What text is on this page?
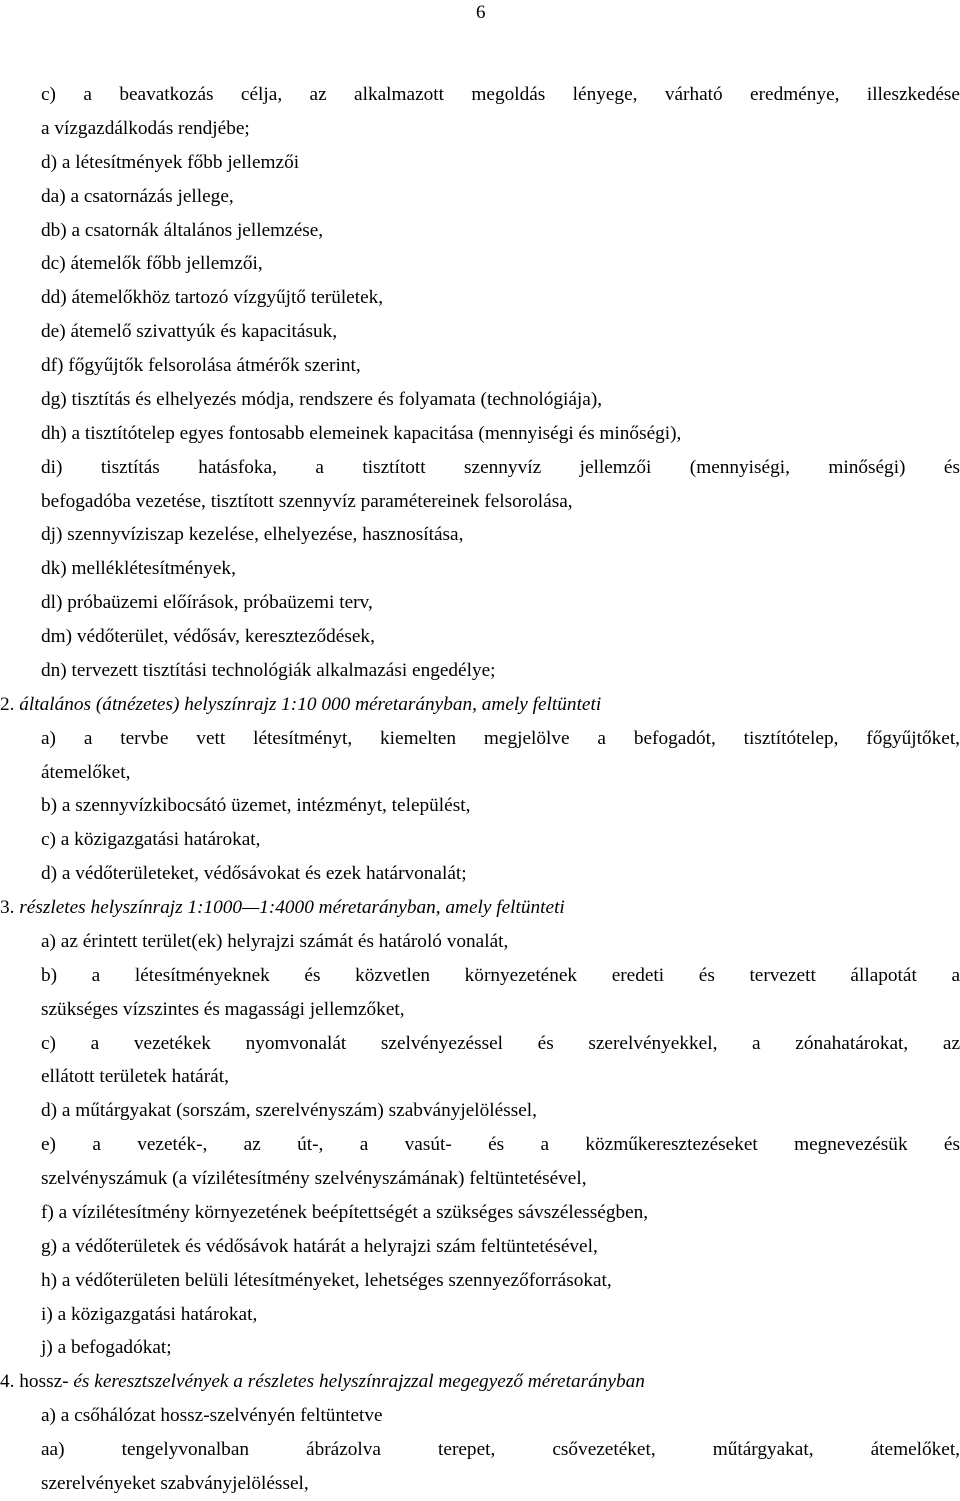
6
c) a beavatkozás célja, az alkalmazott megoldás lényege, várható eredménye, illeszkedése
a vízgazdálkodás rendjébe;
d) a létesítmények főbb jellemzői
da) a csatornázás jellege,
db) a csatornák általános jellemzése,
dc) átemelők főbb jellemzői,
dd) átemelőkhöz tartozó vízgyűjtő területek,
de) átemelő szivattyúk és kapacitásuk,
df) főgyűjtők felsorolása átmérők szerint,
dg) tisztítás és elhelyezés módja, rendszere és folyamata (technológiája),
dh) a tisztítótelep egyes fontosabb elemeinek kapacitása (mennyiségi és minőségi),
di) tisztítás hatásfoka, a tisztított szennyvíz jellemzői (mennyiségi, minőségi) és
befogadóba vezetése, tisztított szennyvíz paramétereinek felsorolása,
dj) szennyvíziszap kezelése, elhelyezése, hasznosítása,
dk) melléklétesítmények,
dl) próbaüzemi előírások, próbaüzemi terv,
dm) védőterület, védősáv, kereszteződések,
dn) tervezett tisztítási technológiák alkalmazási engedélye;
2. általános (átnézetes) helyszínrajz 1:10 000 méretarányban, amely feltünteti
a) a tervbe vett létesítményt, kiemelten megjelölve a befogadót, tisztítótelep, főgyűjtőket,
átemelőket,
b) a szennyvízkibocsátó üzemet, intézményt, települést,
c) a közigazgatási határokat,
d) a védőterületeket, védősávokat és ezek határvonalát;
3. részletes helyszínrajz 1:1000—1:4000 méretarányban, amely feltünteti
a) az érintett terület(ek) helyrajzi számát és határoló vonalát,
b) a létesítményeknek és közvetlen környezetének eredeti és tervezett állapotát a
szükséges vízszintes és magassági jellemzőket,
c) a vezetékek nyomvonalát szelvényezéssel és szerelvényekkel, a zónahatárokat, az
ellátott területek határát,
d) a műtárgyakat (sorszám, szerelvényszám) szabványjelöléssel,
e) a vezeték-, az út-, a vasút- és a közműkeresztezéseket megnevezésük és
szelvényszámuk (a vízilétesítmény szelvényszámának) feltüntetésével,
f) a vízilétesítmény környezetének beépítettségét a szükséges sávszélességben,
g) a védőterületek és védősávok határát a helyrajzi szám feltüntetésével,
h) a védőterületen belüli létesítményeket, lehetséges szennyezőforrásokat,
i) a közigazgatási határokat,
j) a befogadókat;
4. hossz- és keresztszelvények a részletes helyszínrajzzal megegyező méretarányban
a) a csőhálózat hossz-szelvényén feltüntetve
aa) tengelyvonalban ábrázolva terepet, csővezetéket, műtárgyakat, átemelőket,
szerelvényeket szabványjelöléssel,
